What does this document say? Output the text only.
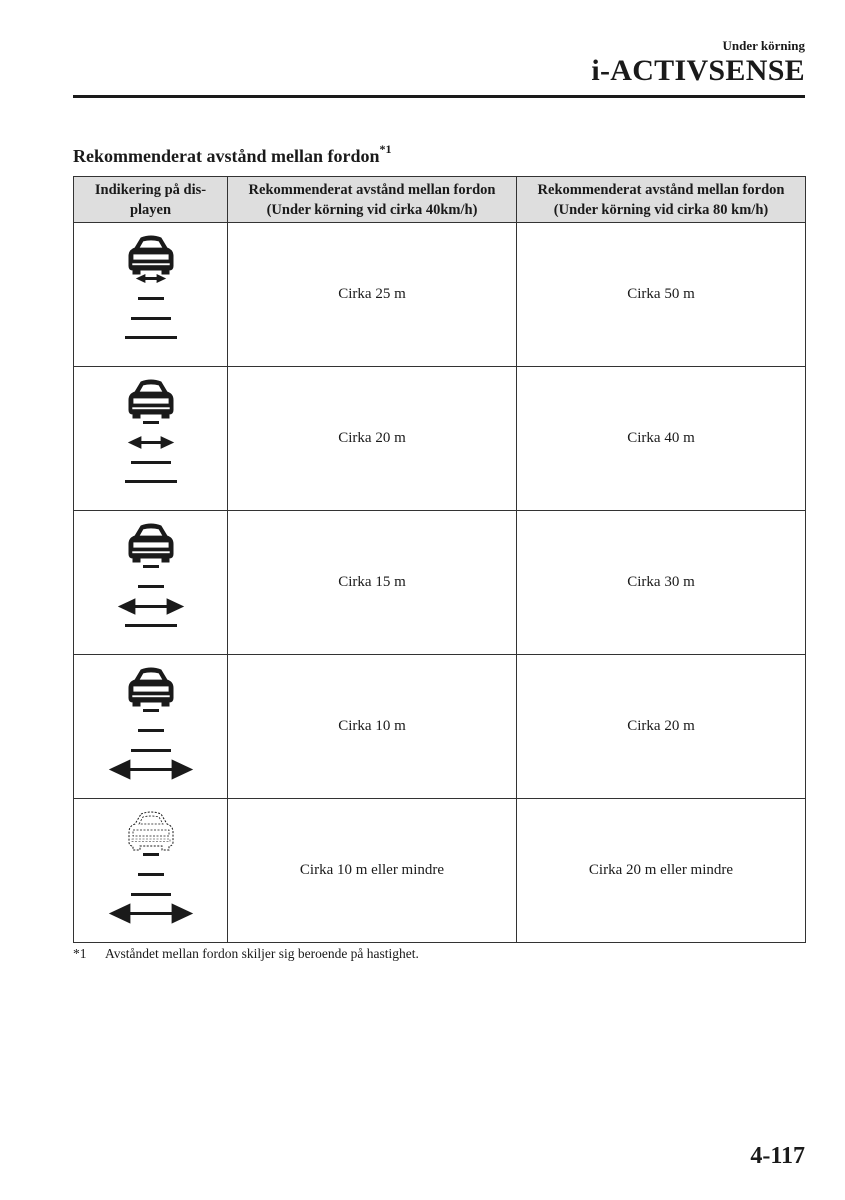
Under körning
i-ACTIVSENSE
Rekommenderat avstånd mellan fordon$^{*1}$
Indikering på dis-
playen	Rekommenderat avstånd mellan fordon
(Under körning vid cirka 40km/h)	Rekommenderat avstånd mellan fordon
(Under körning vid cirka 80 km/h)

	Cirka 25 m	Cirka 50 m

	Cirka 20 m	Cirka 40 m

	Cirka 15 m	Cirka 30 m

	Cirka 10 m	Cirka 20 m

	Cirka 10 m eller mindre	Cirka 20 m eller mindre
*1 Avståndet mellan fordon skiljer sig beroende på hastighet.
4-117
